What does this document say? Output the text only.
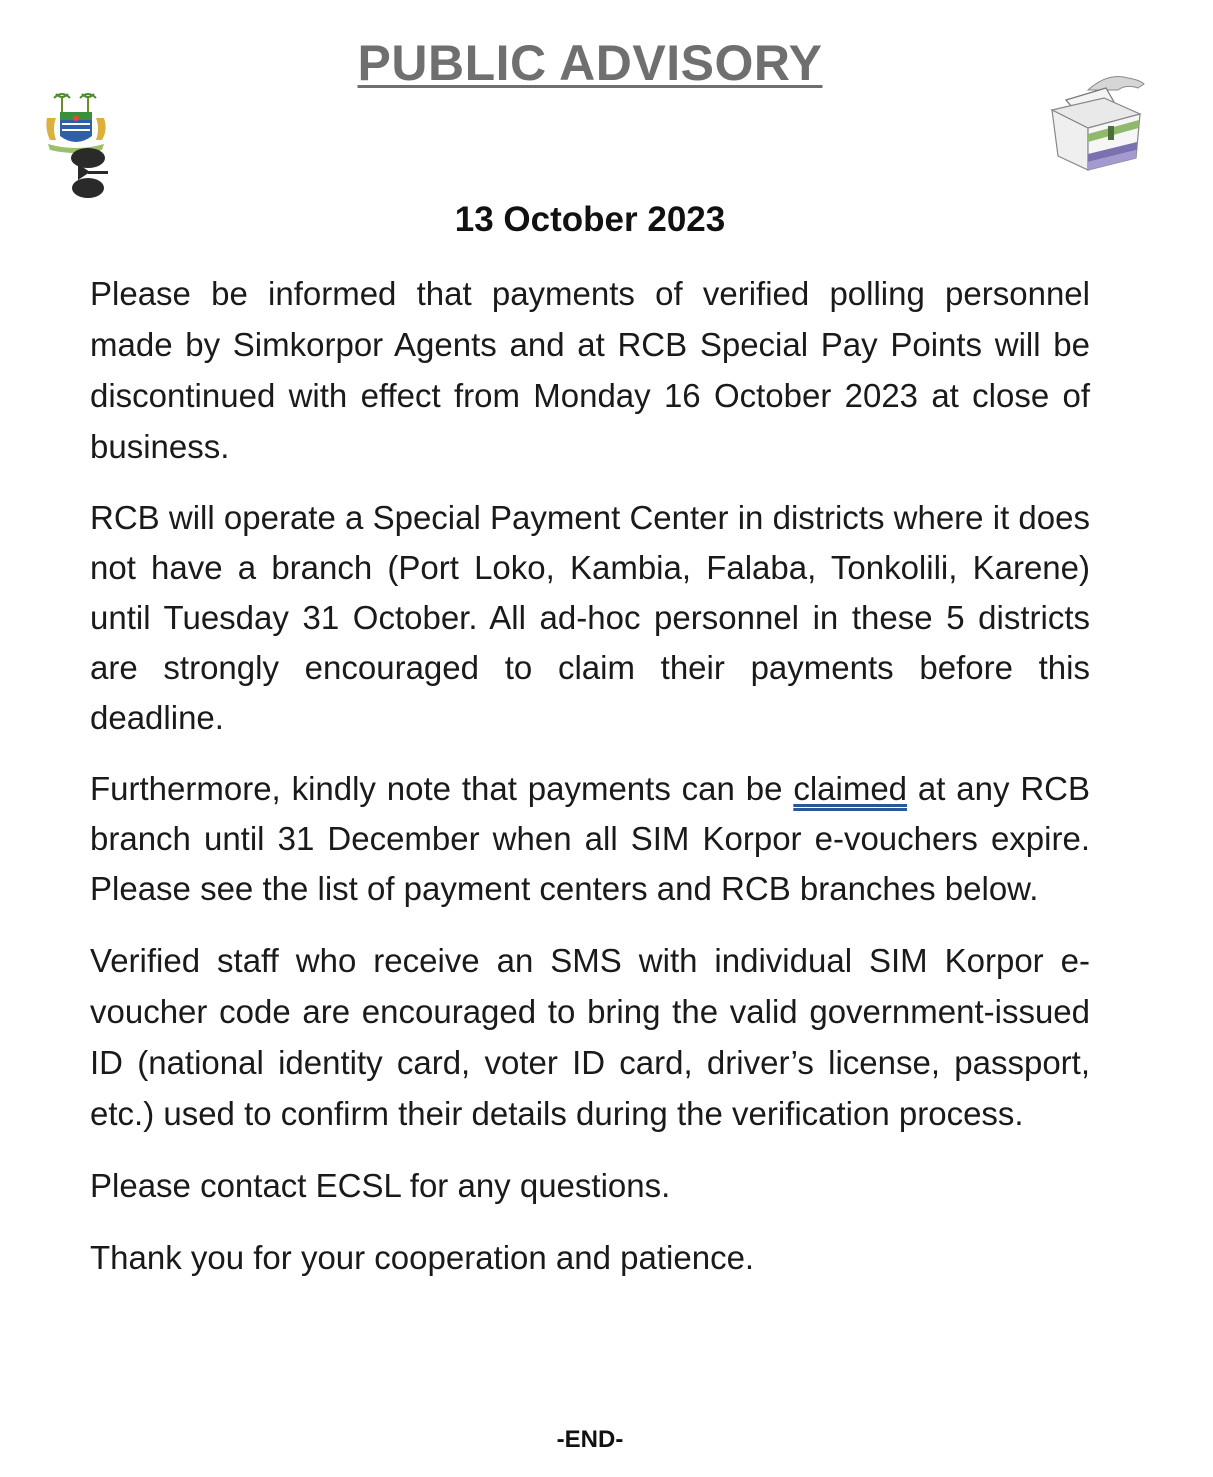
PUBLIC ADVISORY
13 October 2023

Please be informed that payments of verified polling personnel made by Simkorpor Agents and at RCB Special Pay Points will be discontinued with effect from Monday 16 October 2023 at close of business.

RCB will operate a Special Payment Center in districts where it does not have a branch (Port Loko, Kambia, Falaba, Tonkolili, Karene) until Tuesday 31 October. All ad-hoc personnel in these 5 districts are strongly encouraged to claim their payments before this deadline.

Furthermore, kindly note that payments can be claimed at any RCB branch until 31 December when all SIM Korpor e-vouchers expire. Please see the list of payment centers and RCB branches below.

Verified staff who receive an SMS with individual SIM Korpor e-voucher code are encouraged to bring the valid government-issued ID (national identity card, voter ID card, driver’s license, passport, etc.) used to confirm their details during the verification process.

Please contact ECSL for any questions.

Thank you for your cooperation and patience.

-END-
